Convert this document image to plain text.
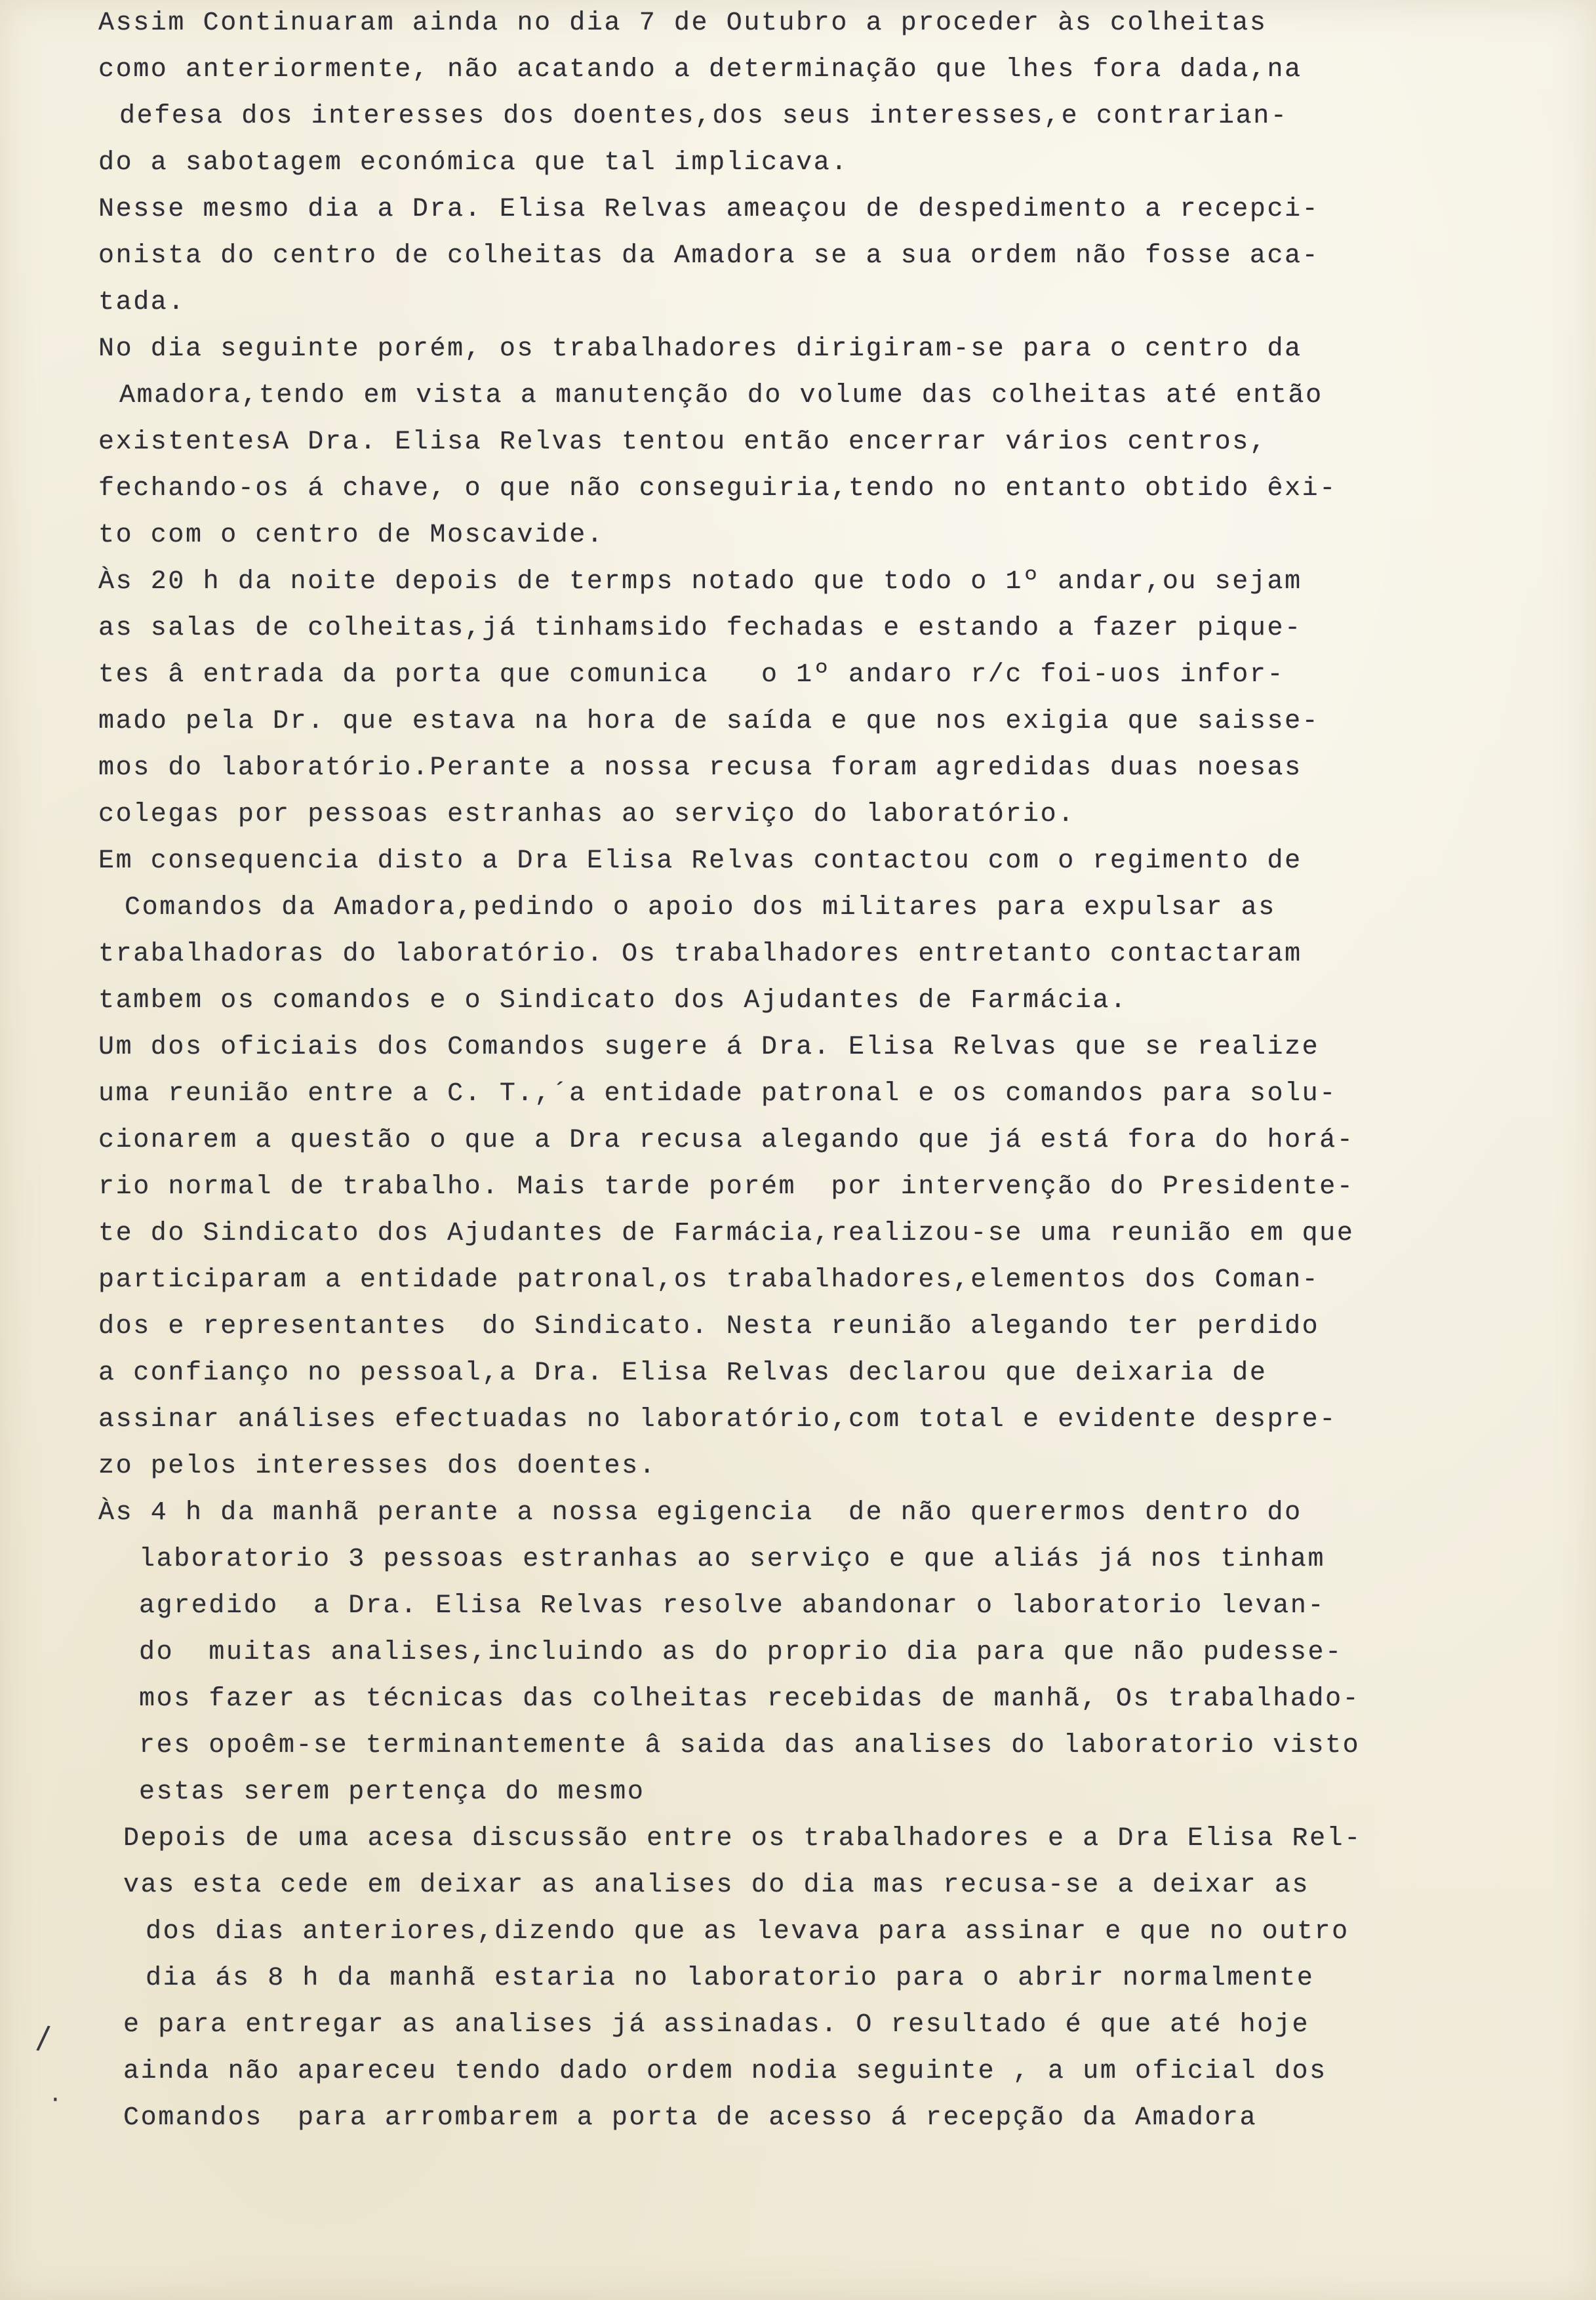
Assim Continuaram ainda no dia 7 de Outubro a proceder às colheitas
como anteriormente, não acatando a determinação que lhes fora dada,na
defesa dos interesses dos doentes,dos seus interesses,e contrarian-
do a sabotagem económica que tal implicava.
Nesse mesmo dia a Dra. Elisa Relvas ameaçou de despedimento a recepci-
onista do centro de colheitas da Amadora se a sua ordem não fosse aca-
tada.
No dia seguinte porém, os trabalhadores dirigiram-se para o centro da
Amadora,tendo em vista a manutenção do volume das colheitas até então
existentesA Dra. Elisa Relvas tentou então encerrar vários centros,
fechando-os á chave, o que não conseguiria,tendo no entanto obtido êxi-
to com o centro de Moscavide.
Às 20 h da noite depois de termps notado que todo o 1º andar,ou sejam
as salas de colheitas,já tinhamsido fechadas e estando a fazer pique-
tes â entrada da porta que comunica   o 1º andaro r/c foi-uos infor-
mado pela Dr. que estava na hora de saída e que nos exigia que saisse-
mos do laboratório.Perante a nossa recusa foram agredidas duas noesas
colegas por pessoas estranhas ao serviço do laboratório.
Em consequencia disto a Dra Elisa Relvas contactou com o regimento de
Comandos da Amadora,pedindo o apoio dos militares para expulsar as
trabalhadoras do laboratório. Os trabalhadores entretanto contactaram
tambem os comandos e o Sindicato dos Ajudantes de Farmácia.
Um dos oficiais dos Comandos sugere á Dra. Elisa Relvas que se realize
uma reunião entre a C. T.,´a entidade patronal e os comandos para solu-
cionarem a questão o que a Dra recusa alegando que já está fora do horá-
rio normal de trabalho. Mais tarde porém  por intervenção do Presidente-
te do Sindicato dos Ajudantes de Farmácia,realizou-se uma reunião em que
participaram a entidade patronal,os trabalhadores,elementos dos Coman-
dos e representantes  do Sindicato. Nesta reunião alegando ter perdido
a confianço no pessoal,a Dra. Elisa Relvas declarou que deixaria de
assinar análises efectuadas no laboratório,com total e evidente despre-
zo pelos interesses dos doentes.
Às 4 h da manhã perante a nossa egigencia  de não querermos dentro do
laboratorio 3 pessoas estranhas ao serviço e que aliás já nos tinham
agredido  a Dra. Elisa Relvas resolve abandonar o laboratorio levan-
do  muitas analises,incluindo as do proprio dia para que não pudesse-
mos fazer as técnicas das colheitas recebidas de manhã, Os trabalhado-
res opoêm-se terminantemente â saida das analises do laboratorio visto
estas serem pertença do mesmo
Depois de uma acesa discussão entre os trabalhadores e a Dra Elisa Rel-
vas esta cede em deixar as analises do dia mas recusa-se a deixar as
dos dias anteriores,dizendo que as levava para assinar e que no outro
dia ás 8 h da manhã estaria no laboratorio para o abrir normalmente
e para entregar as analises já assinadas. O resultado é que até hoje
ainda não apareceu tendo dado ordem nodia seguinte , a um oficial dos
Comandos  para arrombarem a porta de acesso á recepção da Amadora
/
·
